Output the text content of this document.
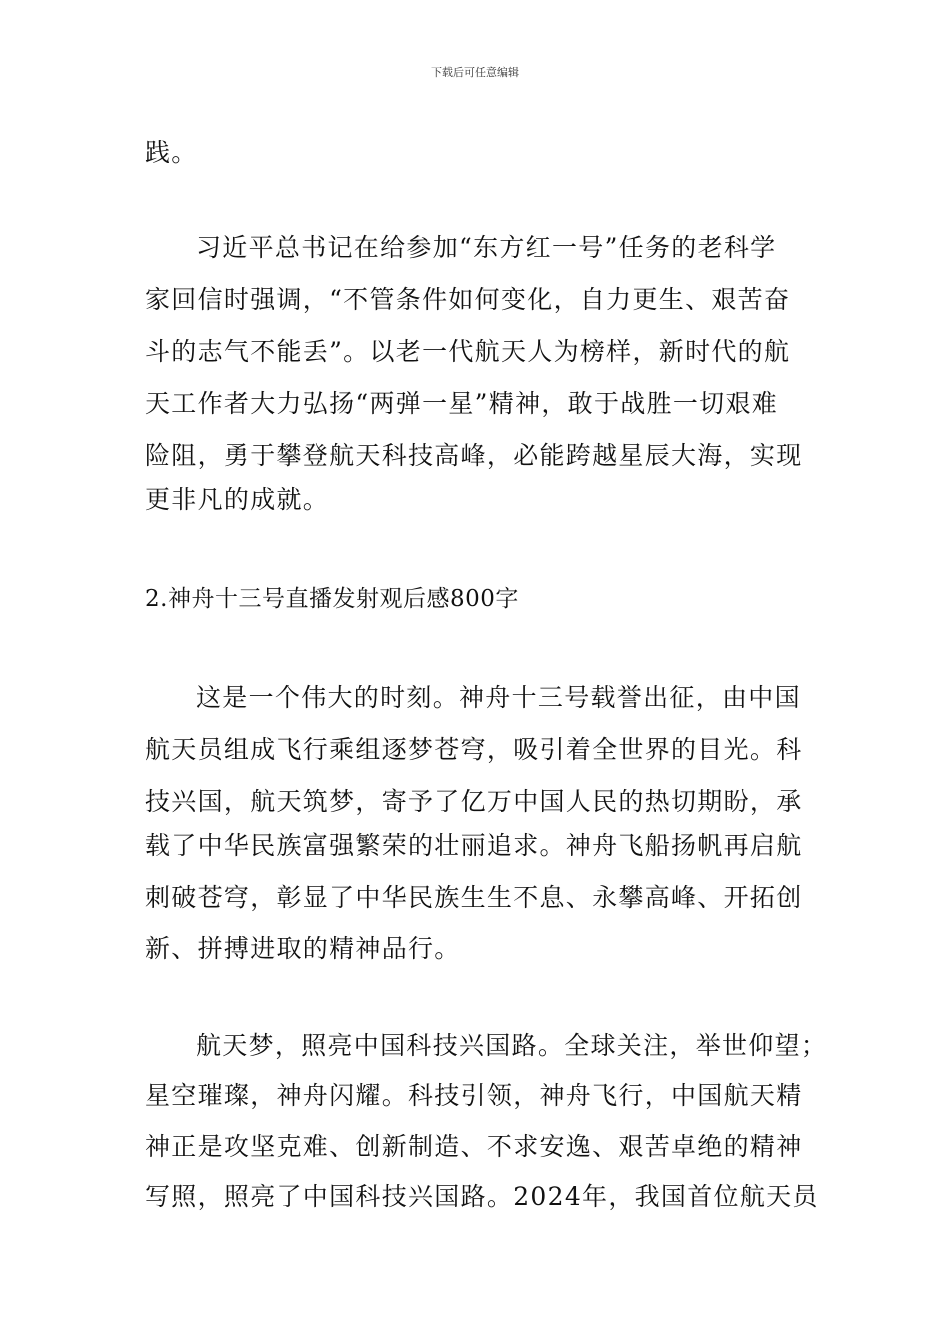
下载后可任意编辑
践。
习近平总书记在给参加“东方红一号”任务的老科学
家回信时强调，“不管条件如何变化，自力更生、艰苦奋
斗的志气不能丢”。以老一代航天人为榜样，新时代的航
天工作者大力弘扬“两弹一星”精神，敢于战胜一切艰难
险阻，勇于攀登航天科技高峰，必能跨越星辰大海，实现
更非凡的成就。
2.神舟十三号直播发射观后感800字
这是一个伟大的时刻。神舟十三号载誉出征，由中国
航天员组成飞行乘组逐梦苍穹，吸引着全世界的目光。科
技兴国，航天筑梦，寄予了亿万中国人民的热切期盼，承
载了中华民族富强繁荣的壮丽追求。神舟飞船扬帆再启航
刺破苍穹，彰显了中华民族生生不息、永攀高峰、开拓创
新、拼搏进取的精神品行。
航天梦，照亮中国科技兴国路。全球关注，举世仰望；
星空璀璨，神舟闪耀。科技引领，神舟飞行，中国航天精
神正是攻坚克难、创新制造、不求安逸、艰苦卓绝的精神
写照，照亮了中国科技兴国路。2024年，我国首位航天员
